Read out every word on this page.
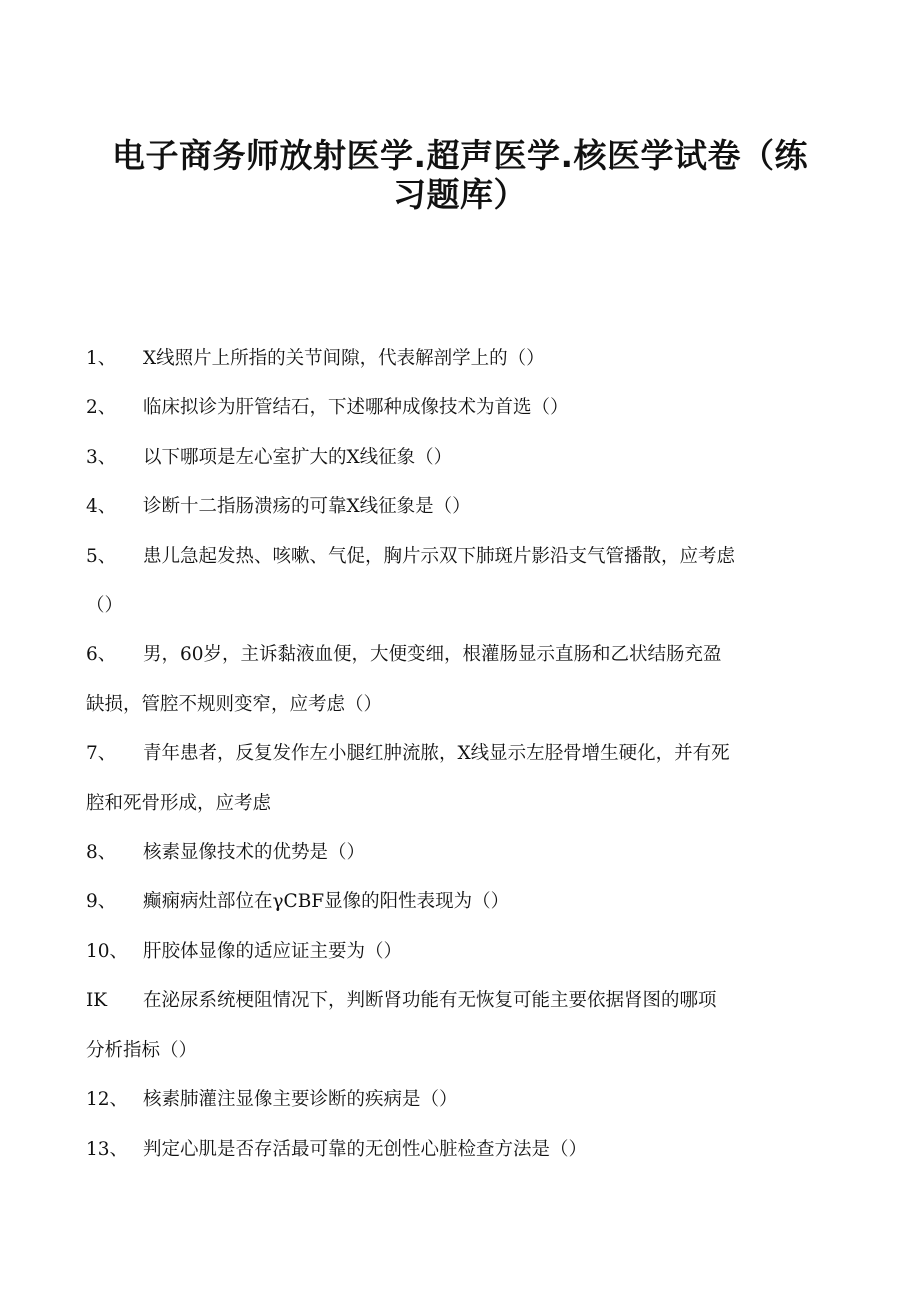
电子商务师放射医学.超声医学.核医学试卷（练
习题库）
1、 X线照片上所指的关节间隙，代表解剖学上的（）
2、 临床拟诊为肝管结石，下述哪种成像技术为首选（）
3、 以下哪项是左心室扩大的X线征象（）
4、 诊断十二指肠溃疡的可靠X线征象是（）
5、 患儿急起发热、咳嗽、气促，胸片示双下肺斑片影沿支气管播散，应考虑
（）
6、 男，60岁，主诉黏液血便，大便变细，根灌肠显示直肠和乙状结肠充盈
缺损，管腔不规则变窄，应考虑（）
7、 青年患者，反复发作左小腿红肿流脓，X线显示左胫骨增生硬化，并有死
腔和死骨形成，应考虑
8、 核素显像技术的优势是（）
9、 癫痫病灶部位在γCBF显像的阳性表现为（）
10、 肝胶体显像的适应证主要为（）
IK 在泌尿系统梗阻情况下，判断肾功能有无恢复可能主要依据肾图的哪项
分析指标（）
12、 核素肺灌注显像主要诊断的疾病是（）
13、 判定心肌是否存活最可靠的无创性心脏检查方法是（）
